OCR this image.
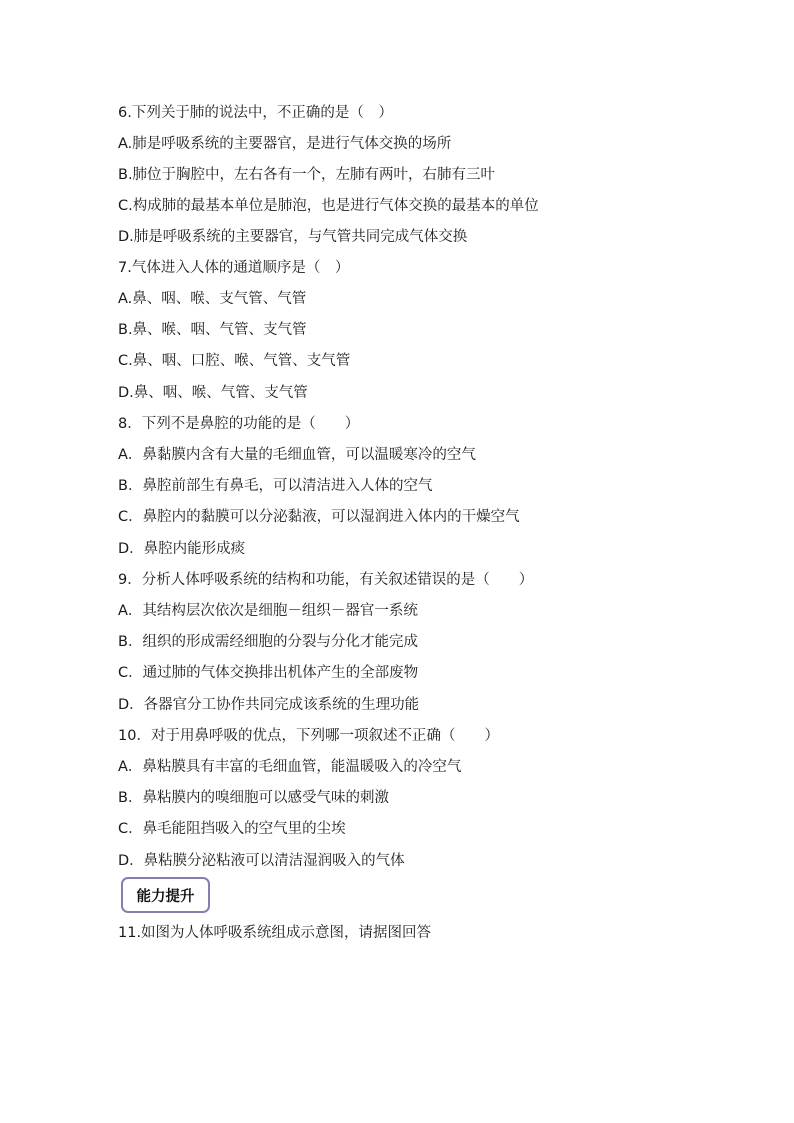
6.下列关于肺的说法中，不正确的是（　）
A.肺是呼吸系统的主要器官，是进行气体交换的场所
B.肺位于胸腔中，左右各有一个，左肺有两叶，右肺有三叶
C.构成肺的最基本单位是肺泡，也是进行气体交换的最基本的单位
D.肺是呼吸系统的主要器官，与气管共同完成气体交换
7.气体进入人体的通道顺序是（　）
A.鼻、咽、喉、支气管、气管
B.鼻、喉、咽、气管、支气管
C.鼻、咽、口腔、喉、气管、支气管
D.鼻、咽、喉、气管、支气管
8．下列不是鼻腔的功能的是（　　）
A．鼻黏膜内含有大量的毛细血管，可以温暖寒冷的空气
B．鼻腔前部生有鼻毛，可以清洁进入人体的空气
C．鼻腔内的黏膜可以分泌黏液，可以湿润进入体内的干燥空气
D．鼻腔内能形成痰
9．分析人体呼吸系统的结构和功能，有关叙述错误的是（　　）
A．其结构层次依次是细胞－组织－器官一系统
B．组织的形成需经细胞的分裂与分化才能完成
C．通过肺的气体交换排出机体产生的全部废物
D．各器官分工协作共同完成该系统的生理功能
10．对于用鼻呼吸的优点，下列哪一项叙述不正确（　　）
A．鼻粘膜具有丰富的毛细血管，能温暖吸入的冷空气
B．鼻粘膜内的嗅细胞可以感受气味的刺激
C．鼻毛能阻挡吸入的空气里的尘埃
D．鼻粘膜分泌粘液可以清洁湿润吸入的气体
能力提升
11.如图为人体呼吸系统组成示意图，请据图回答
